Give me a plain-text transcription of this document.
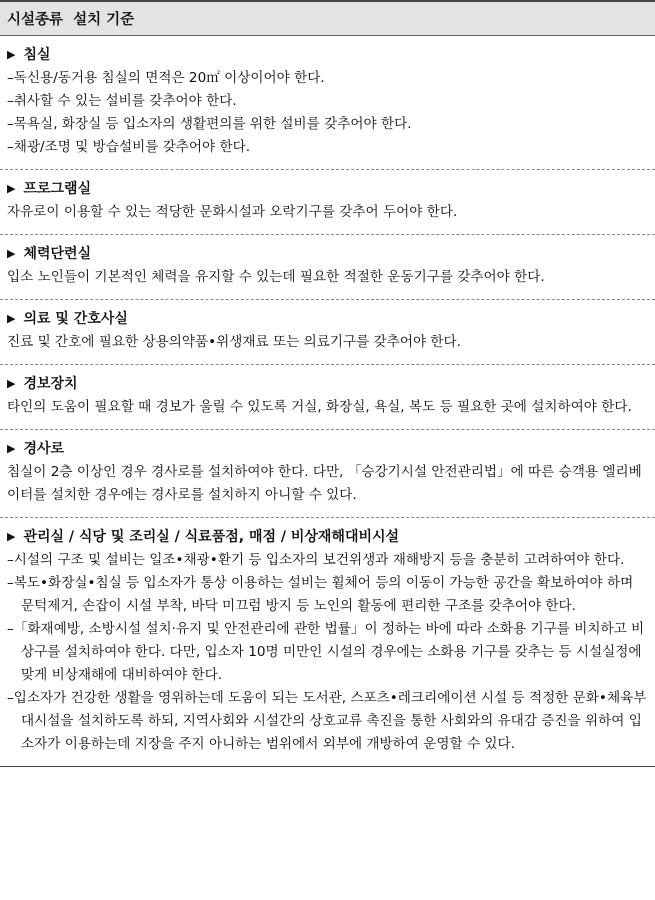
시설종류  설치 기준
▶ 침실
–독신용/동거용 침실의 면적은 20㎡ 이상이어야 한다.
–취사할 수 있는 설비를 갖추어야 한다.
–목욕실, 화장실 등 입소자의 생활편의를 위한 설비를 갖추어야 한다.
–채광/조명 및 방습설비를 갖추어야 한다.
▶ 프로그램실
자유로이 이용할 수 있는 적당한 문화시설과 오락기구를 갖추어 두어야 한다.
▶ 체력단련실
입소 노인들이 기본적인 체력을 유지할 수 있는데 필요한 적절한 운동기구를 갖추어야 한다.
▶ 의료 및 간호사실
진료 및 간호에 필요한 상용의약품•위생재료 또는 의료기구를 갖추어야 한다.
▶ 경보장치
타인의 도움이 필요할 때 경보가 울릴 수 있도록 거실, 화장실, 욕실, 복도 등 필요한 곳에 설치하여야 한다.
▶ 경사로
침실이 2층 이상인 경우 경사로를 설치하여야 한다. 다만, 「승강기시설 안전관리법」에 따른 승객용 엘리베이터를 설치한 경우에는 경사로를 설치하지 아니할 수 있다.
▶ 관리실 / 식당 및 조리실 / 식료품점, 매점 / 비상재해대비시설
–시설의 구조 및 설비는 일조•채광•환기 등 입소자의 보건위생과 재해방지 등을 충분히 고려하여야 한다.
–복도•화장실•침실 등 입소자가 통상 이용하는 설비는 휠체어 등의 이동이 가능한 공간을 확보하여야 하며 문턱제거, 손잡이 시설 부착, 바닥 미끄럼 방지 등 노인의 활동에 편리한 구조를 갖추어야 한다.
–「화재예방, 소방시설 설치·유지 및 안전관리에 관한 법률」이 정하는 바에 따라 소화용 기구를 비치하고 비상구를 설치하여야 한다. 다만, 입소자 10명 미만인 시설의 경우에는 소화용 기구를 갖추는 등 시설실정에 맞게 비상재해에 대비하여야 한다.
–입소자가 건강한 생활을 영위하는데 도움이 되는 도서관, 스포츠•레크리에이션 시설 등 적정한 문화•체육부대시설을 설치하도록 하되, 지역사회와 시설간의 상호교류 촉진을 통한 사회와의 유대감 증진을 위하여 입소자가 이용하는데 지장을 주지 아니하는 범위에서 외부에 개방하여 운영할 수 있다.
